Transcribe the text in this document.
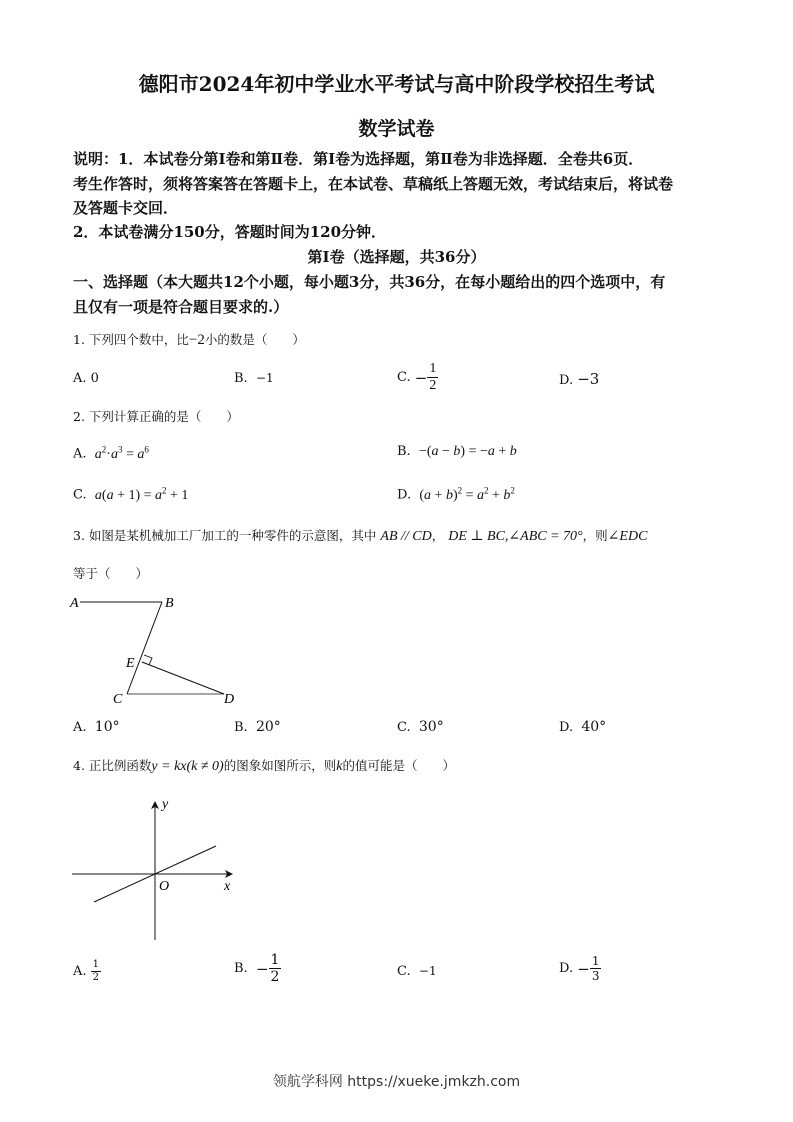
德阳市2024年初中学业水平考试与高中阶段学校招生考试
数学试卷
说明：1．本试卷分第Ⅰ卷和第Ⅱ卷．第Ⅰ卷为选择题，第Ⅱ卷为非选择题．全卷共6页．
考生作答时，须将答案答在答题卡上，在本试卷、草稿纸上答题无效，考试结束后，将试卷
及答题卡交回．
2．本试卷满分150分，答题时间为120分钟．
第Ⅰ卷（选择题，共36分）
一、选择题（本大题共12个小题，每小题3分，共36分，在每小题给出的四个选项中，有
且仅有一项是符合题目要求的.）
1. 下列四个数中，比−2小的数是（　　）
A. 0	B. −1	C.
− $\frac{1}{2}$	D. −3
2. 下列计算正确的是（　　）
A. $a^2\cdot a^3 = a^6$	B. −(a − b) = −a + b
C. $a(a + 1) = a^2 + 1$	D. $(a + b)^2 = a^2 + b^2$
3. 如图是某机械加工厂加工的一种零件的示意图，其中 AB // CD， DE ⊥ BC,∠ABC = 70°，则∠EDC
等于（　　）
A	B
E
C	D
A. 10°	B. 20°	C. 30°	D. 40°
4. 正比例函数y = kx(k ≠ 0)的图象如图所示，则k的值可能是（　　）
y
x
O
A.
$\frac{1}{2}$	B.
− $\frac{1}{2}$	C. −1	D.
− $\frac{1}{3}$
领航学科网 https://xueke.jmkzh.com
